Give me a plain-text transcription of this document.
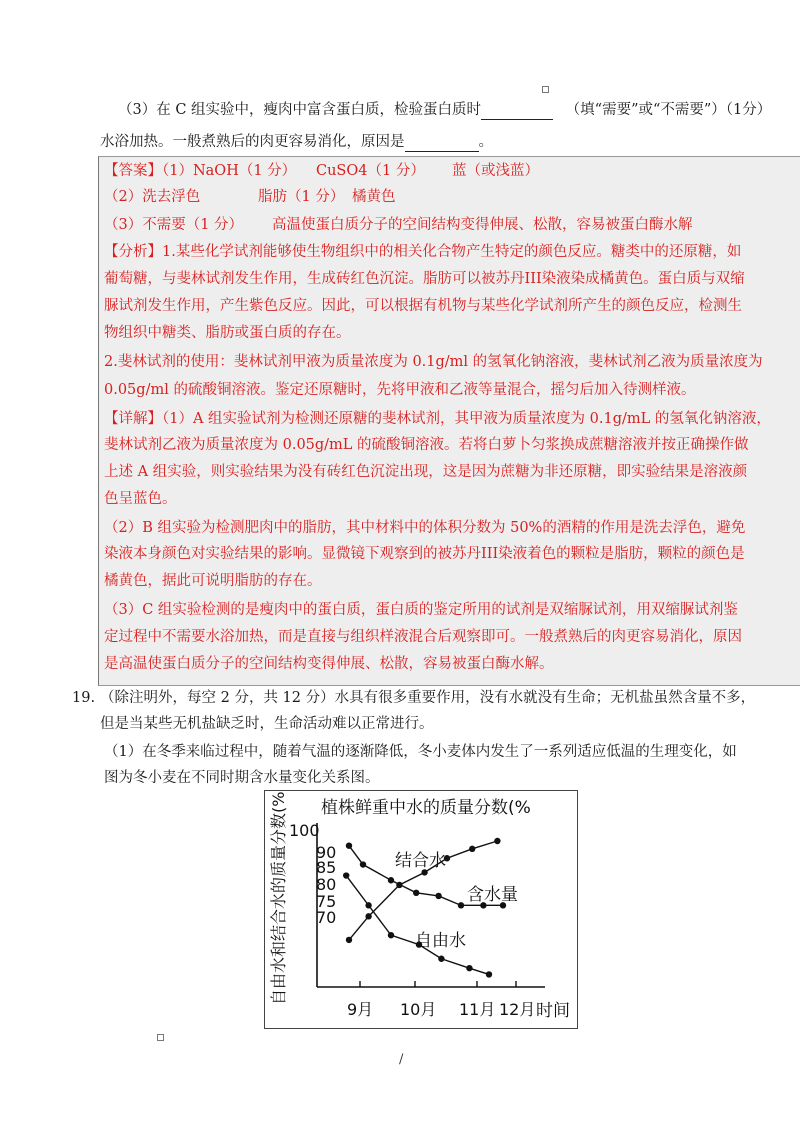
（3）在 C 组实验中，瘦肉中富含蛋白质，检验蛋白质时	（填“需要”或“不需要”）（1分）
水浴加热。一般煮熟后的肉更容易消化，原因是	。
【答案】（1）NaOH（1 分） CuSO4（1 分） 蓝（或浅蓝）
（2）洗去浮色	脂肪（1 分） 橘黄色
（3）不需要（1 分） 高温使蛋白质分子的空间结构变得伸展、松散，容易被蛋白酶水解
【分析】1.某些化学试剂能够使生物组织中的相关化合物产生特定的颜色反应。糖类中的还原糖，如
葡萄糖，与斐林试剂发生作用，生成砖红色沉淀。脂肪可以被苏丹III染液染成橘黄色。蛋白质与双缩
脲试剂发生作用，产生紫色反应。因此，可以根据有机物与某些化学试剂所产生的颜色反应，检测生
物组织中糖类、脂肪或蛋白质的存在。
2.斐林试剂的使用：斐林试剂甲液为质量浓度为 0.1g/ml 的氢氧化钠溶液，斐林试剂乙液为质量浓度为
0.05g/ml 的硫酸铜溶液。鉴定还原糖时，先将甲液和乙液等量混合，摇匀后加入待测样液。
【详解】（1）A 组实验试剂为检测还原糖的斐林试剂，其甲液为质量浓度为 0.1g/mL 的氢氧化钠溶液，
斐林试剂乙液为质量浓度为 0.05g/mL 的硫酸铜溶液。若将白萝卜匀浆换成蔗糖溶液并按正确操作做
上述 A 组实验，则实验结果为没有砖红色沉淀出现，这是因为蔗糖为非还原糖，即实验结果是溶液颜
色呈蓝色。
（2）B 组实验为检测肥肉中的脂肪，其中材料中的体积分数为 50%的酒精的作用是洗去浮色，避免
染液本身颜色对实验结果的影响。显微镜下观察到的被苏丹III染液着色的颗粒是脂肪，颗粒的颜色是
橘黄色，据此可说明脂肪的存在。
（3）C 组实验检测的是瘦肉中的蛋白质，蛋白质的鉴定所用的试剂是双缩脲试剂，用双缩脲试剂鉴
定过程中不需要水浴加热，而是直接与组织样液混合后观察即可。一般煮熟后的肉更容易消化，原因
是高温使蛋白质分子的空间结构变得伸展、松散，容易被蛋白酶水解。
19. （除注明外，每空 2 分，共 12 分）水具有很多重要作用，没有水就没有生命；无机盐虽然含量不多，
但是当某些无机盐缺乏时，生命活动难以正常进行。
（1）在冬季来临过程中，随着气温的逐渐降低，冬小麦体内发生了一系列适应低温的生理变化，如
图为冬小麦在不同时期含水量变化关系图。
植株鲜重中水的质量分数(%
自由水和结合水的质量分数(% 100
90
85
80
75
70
9月 10月 11月 12月
含水量
结合水
自由水
时间
/
